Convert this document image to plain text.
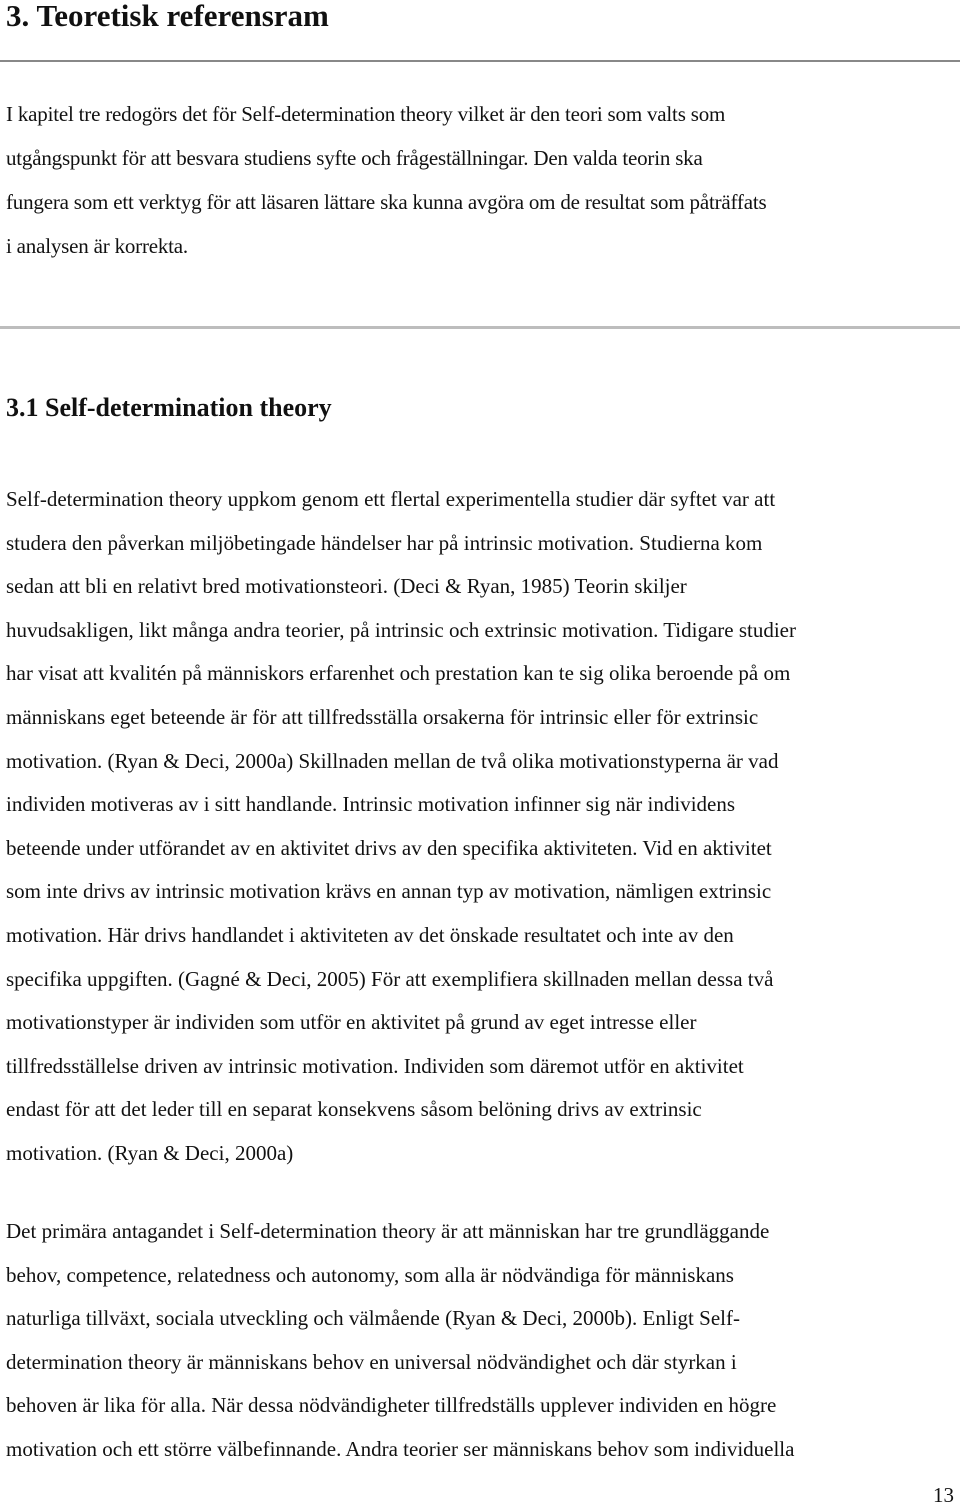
3. Teoretisk referensram

I kapitel tre redogörs det för Self-determination theory vilket är den teori som valts som
utgångspunkt för att besvara studiens syfte och frågeställningar. Den valda teorin ska
fungera som ett verktyg för att läsaren lättare ska kunna avgöra om de resultat som påträffats
i analysen är korrekta.

3.1 Self-determination theory

Self-determination theory uppkom genom ett flertal experimentella studier där syftet var att
studera den påverkan miljöbetingade händelser har på intrinsic motivation. Studierna kom
sedan att bli en relativt bred motivationsteori. (Deci & Ryan, 1985) Teorin skiljer
huvudsakligen, likt många andra teorier, på intrinsic och extrinsic motivation. Tidigare studier
har visat att kvalitén på människors erfarenhet och prestation kan te sig olika beroende på om
människans eget beteende är för att tillfredsställa orsakerna för intrinsic eller för extrinsic
motivation. (Ryan & Deci, 2000a) Skillnaden mellan de två olika motivationstyperna är vad
individen motiveras av i sitt handlande. Intrinsic motivation infinner sig när individens
beteende under utförandet av en aktivitet drivs av den specifika aktiviteten. Vid en aktivitet
som inte drivs av intrinsic motivation krävs en annan typ av motivation, nämligen extrinsic
motivation. Här drivs handlandet i aktiviteten av det önskade resultatet och inte av den
specifika uppgiften. (Gagné & Deci, 2005) För att exemplifiera skillnaden mellan dessa två
motivationstyper är individen som utför en aktivitet på grund av eget intresse eller
tillfredsställelse driven av intrinsic motivation. Individen som däremot utför en aktivitet
endast för att det leder till en separat konsekvens såsom belöning drivs av extrinsic
motivation. (Ryan & Deci, 2000a)

Det primära antagandet i Self-determination theory är att människan har tre grundläggande
behov, competence, relatedness och autonomy, som alla är nödvändiga för människans
naturliga tillväxt, sociala utveckling och välmående (Ryan & Deci, 2000b). Enligt Self-
determination theory är människans behov en universal nödvändighet och där styrkan i
behoven är lika för alla. När dessa nödvändigheter tillfredställs upplever individen en högre
motivation och ett större välbefinnande. Andra teorier ser människans behov som individuella

13
